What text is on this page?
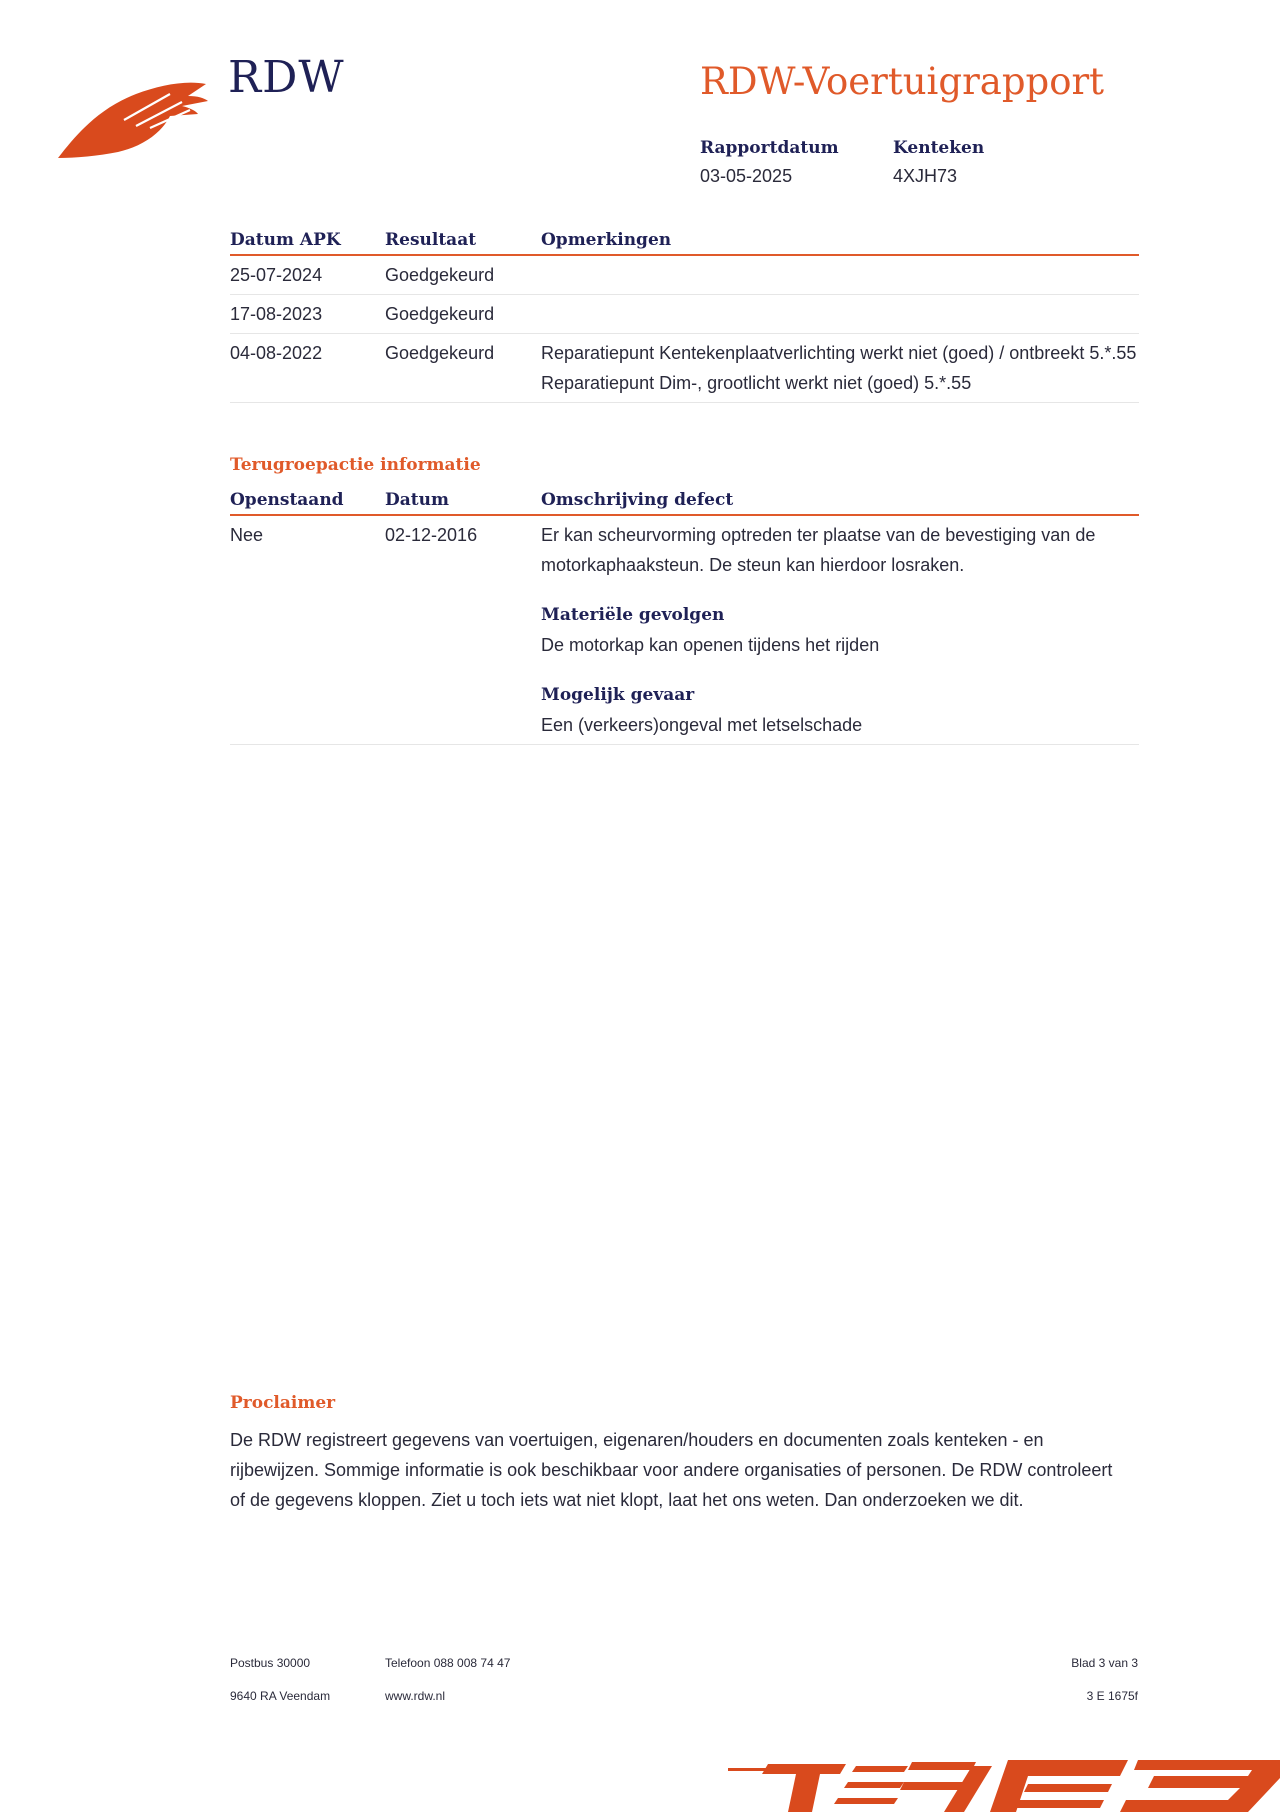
RDW	RDW-Voertuigrapport
Rapportdatum
03-05-2025
Kenteken
4XJH73
Datum APK	Resultaat	Opmerkingen
25-07-2024	Goedgekeurd	
17-08-2023	Goedgekeurd	
04-08-2022	Goedgekeurd	Reparatiepunt Kentekenplaatverlichting werkt niet (goed) / ontbreekt 5.*.55

Reparatiepunt Dim-, grootlicht werkt niet (goed) 5.*.55

Terugroepactie informatie
Openstaand	Datum	Omschrijving defect
Nee	02-12-2016	Er kan scheurvorming optreden ter plaatse van de bevestiging van de motorkaphaaksteun. De steun kan hierdoor losraken.

Materiële gevolgen

De motorkap kan openen tijdens het rijden

Mogelijk gevaar

Een (verkeers)ongeval met letselschade

Proclaimer

De RDW registreert gegevens van voertuigen, eigenaren/houders en documenten zoals kenteken - en rijbewijzen. Sommige informatie is ook beschikbaar voor andere organisaties of personen. De RDW controleert of de gegevens kloppen. Ziet u toch iets wat niet klopt, laat het ons weten. Dan onderzoeken we dit.

Postbus 30000
9640 RA Veendam
Telefoon 088 008 74 47
www.rdw.nl
Blad 3 van 3
3 E 1675f
